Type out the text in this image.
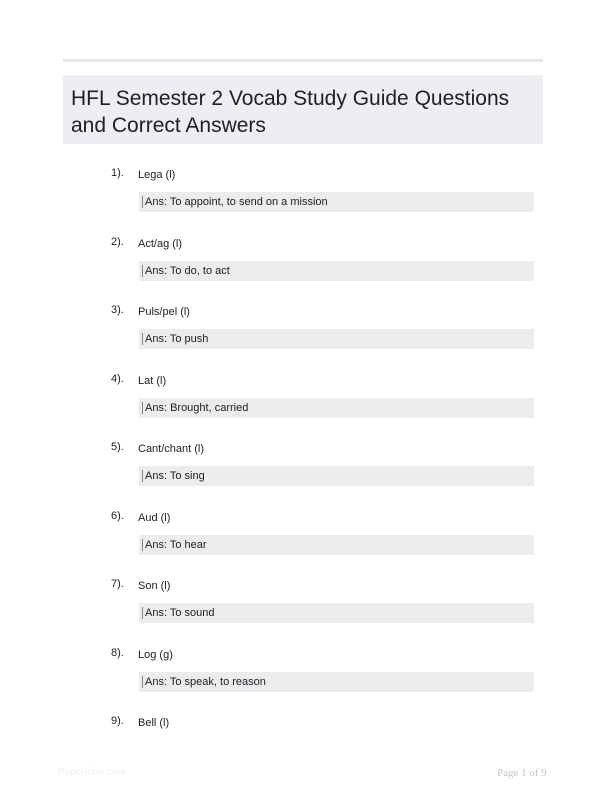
HFL Semester 2 Vocab Study Guide Questions and Correct Answers
1). Lega (l)
Ans: To appoint, to send on a mission
2). Act/ag (l)
Ans: To do, to act
3). Puls/pel (l)
Ans: To push
4). Lat (l)
Ans: Brought, carried
5). Cant/chant (l)
Ans: To sing
6). Aud (l)
Ans: To hear
7). Son (l)
Ans: To sound
8). Log (g)
Ans: To speak, to reason
9). Bell (l)
Papertribe.com	Page 1 of 9
